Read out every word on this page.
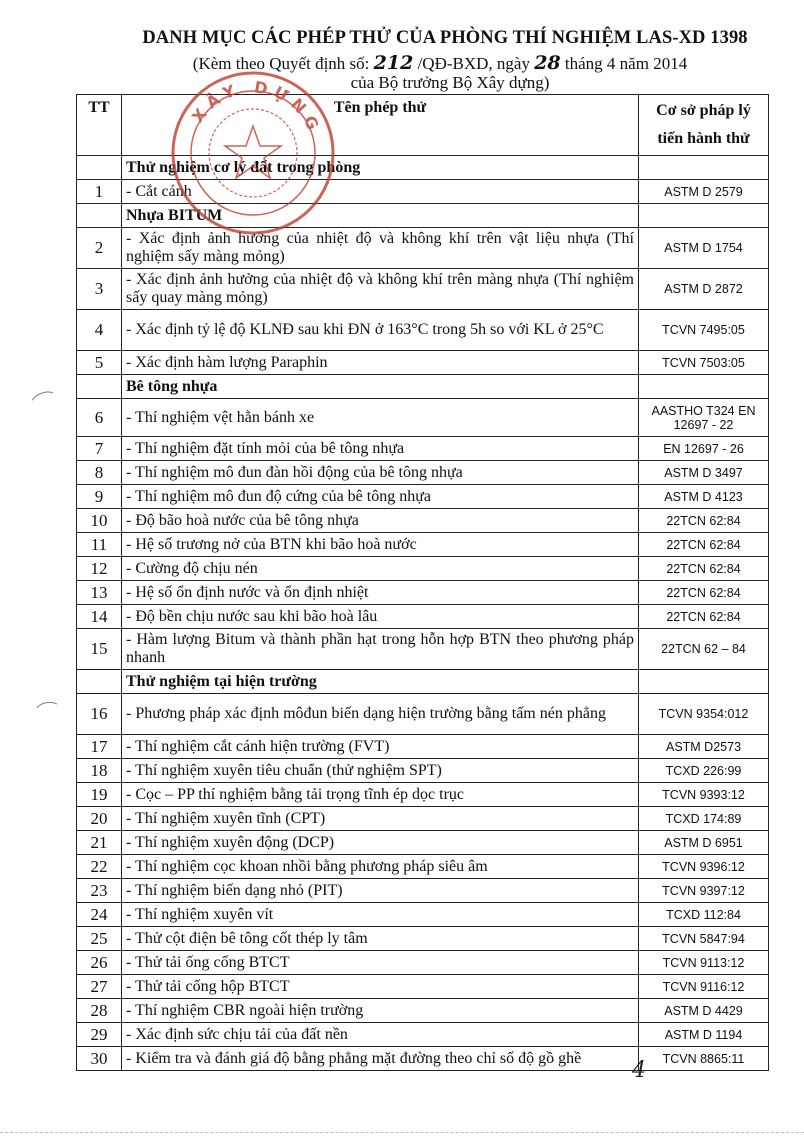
DANH MỤC CÁC PHÉP THỬ CỦA PHÒNG THÍ NGHIỆM LAS-XD 1398
(Kèm theo Quyết định số: 212 /QĐ-BXD, ngày 28 tháng 4 năm 2014
của Bộ trưởng Bộ Xây dựng)
TT	Tên phép thử	Cơ sở pháp lý tiến hành thử
	Thử nghiệm cơ lý đất trong phòng	
1	- Cắt cánh	ASTM D 2579
	Nhựa BITUM	
2	- Xác định ảnh hưởng của nhiệt độ và không khí trên vật liệu nhựa (Thí nghiệm sấy màng mỏng)	ASTM D 1754
3	- Xác định ảnh hưởng của nhiệt độ và không khí trên màng nhựa (Thí nghiệm sấy quay màng mỏng)	ASTM D 2872
4	- Xác định tỷ lệ độ KLNĐ sau khi ĐN ở 163°C trong 5h so với KL ở 25°C	TCVN 7495:05
5	- Xác định hàm lượng Paraphin	TCVN 7503:05
	Bê tông nhựa	
6	- Thí nghiệm vệt hằn bánh xe	AASTHO T324 EN 12697 - 22
7	- Thí nghiệm đặt tính mỏi của bê tông nhựa	EN 12697 - 26
8	- Thí nghiệm mô đun đàn hồi động của bê tông nhựa	ASTM D 3497
9	- Thí nghiệm mô đun độ cứng của bê tông nhựa	ASTM D 4123
10	- Độ bão hoà nước của bê tông nhựa	22TCN 62:84
11	- Hệ số trương nở của BTN khi bão hoà nước	22TCN 62:84
12	- Cường độ chịu nén	22TCN 62:84
13	- Hệ số ổn định nước và ổn định nhiệt	22TCN 62:84
14	- Độ bền chịu nước sau khi bão hoà lâu	22TCN 62:84
15	- Hàm lượng Bitum và thành phần hạt trong hỗn hợp BTN theo phương pháp nhanh	22TCN 62 – 84
	Thử nghiệm tại hiện trường	
16	- Phương pháp xác định môđun biến dạng hiện trường bằng tấm nén phẳng	TCVN 9354:012
17	- Thí nghiệm cắt cánh hiện trường (FVT)	ASTM D2573
18	- Thí nghiệm xuyên tiêu chuẩn (thử nghiệm SPT)	TCXD 226:99
19	- Cọc – PP thí nghiệm bằng tải trọng tĩnh ép dọc trục	TCVN 9393:12
20	- Thí nghiệm xuyên tĩnh (CPT)	TCXD 174:89
21	- Thí nghiệm xuyên động (DCP)	ASTM D 6951
22	- Thí nghiệm cọc khoan nhồi bằng phương pháp siêu âm	TCVN 9396:12
23	- Thí nghiệm biến dạng nhỏ (PIT)	TCVN 9397:12
24	- Thí nghiệm xuyên vít	TCXD 112:84
25	- Thử cột điện bê tông cốt thép ly tâm	TCVN 5847:94
26	- Thử tải ống cống BTCT	TCVN 9113:12
27	- Thử tải cống hộp BTCT	TCVN 9116:12
28	- Thí nghiệm CBR ngoài hiện trường	ASTM D 4429
29	- Xác định sức chịu tải của đất nền	ASTM D 1194
30	- Kiểm tra và đánh giá độ bằng phẳng mặt đường theo chỉ số độ gồ ghề	TCVN 8865:11
XÂY DỰNG
4
